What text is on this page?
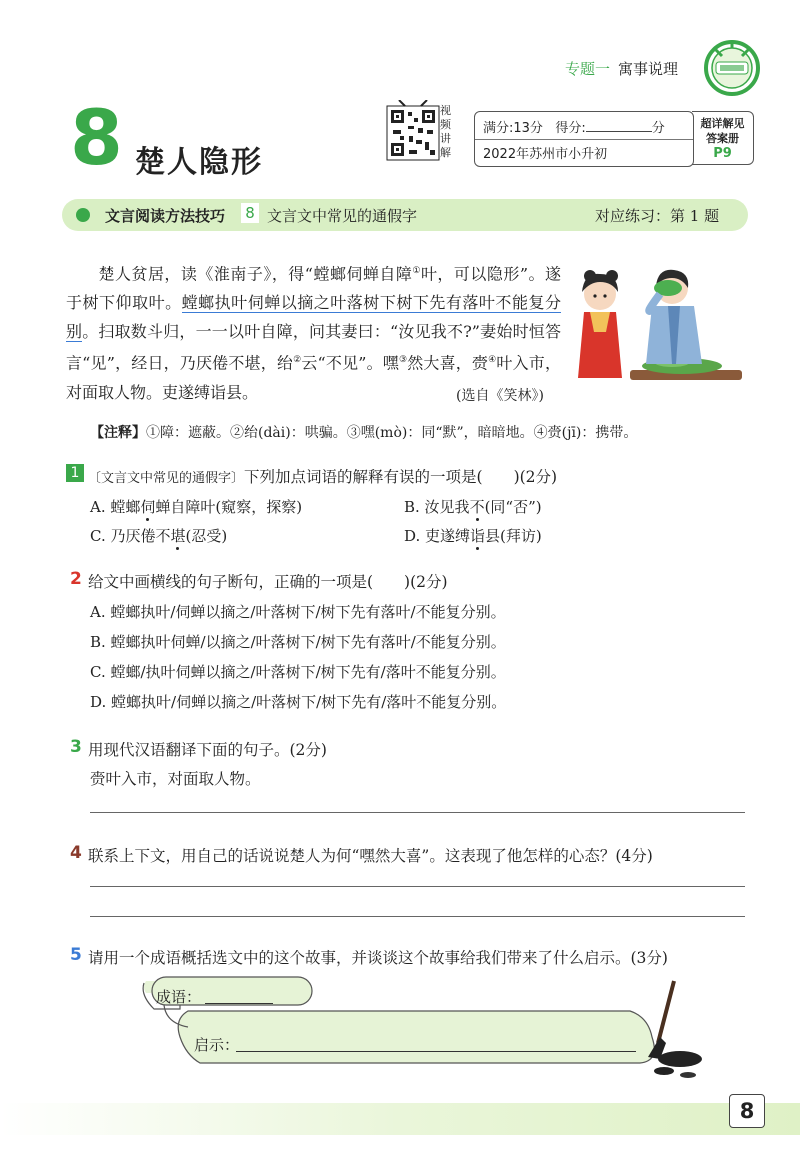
专题一 寓事说理
8 楚人隐形
视频讲解
满分:13分 得分:	分
2022年苏州市小升初
超详解见答案册
P9
文言阅读方法技巧 8 文言文中常见的通假字	对应练习：第 1 题
  楚人贫居，读《淮南子》，得“螳螂伺蝉自障①叶，可以隐形”。遂于树下仰取叶。螳螂执叶伺蝉以摘之叶落树下树下先有落叶不能复分别。扫取数斗归，一一以叶自障，问其妻曰：“汝见我不?”妻始时恒答言“见”，经日，乃厌倦不堪，绐②云“不见”。嘿③然大喜，赍④叶入市，对面取人物。吏遂缚诣县。	(选自《笑林》)
【注释】①障：遮蔽。②绐(dài)：哄骗。③嘿(mò)：同“默”，暗暗地。④赍(jī)：携带。
1 〔文言文中常见的通假字〕下列加点词语的解释有误的一项是(　　)(2分)
A. 螳螂伺蝉自障叶(窥察，探察)	B. 汝见我不(同“否”)
C. 乃厌倦不堪(忍受)	D. 吏遂缚诣县(拜访)
2 给文中画横线的句子断句，正确的一项是(　　)(2分)
A. 螳螂执叶/伺蝉以摘之/叶落树下/树下先有落叶/不能复分别。
B. 螳螂执叶伺蝉/以摘之/叶落树下/树下先有落叶/不能复分别。
C. 螳螂/执叶伺蝉以摘之/叶落树下/树下先有/落叶不能复分别。
D. 螳螂执叶/伺蝉以摘之/叶落树下/树下先有/落叶不能复分别。
3 用现代汉语翻译下面的句子。(2分)
赍叶入市，对面取人物。
4 联系上下文，用自己的话说说楚人为何“嘿然大喜”。这表现了他怎样的心态？(4分)
5 请用一个成语概括选文中的这个故事，并谈谈这个故事给我们带来了什么启示。(3分)
成语：
启示：
8
